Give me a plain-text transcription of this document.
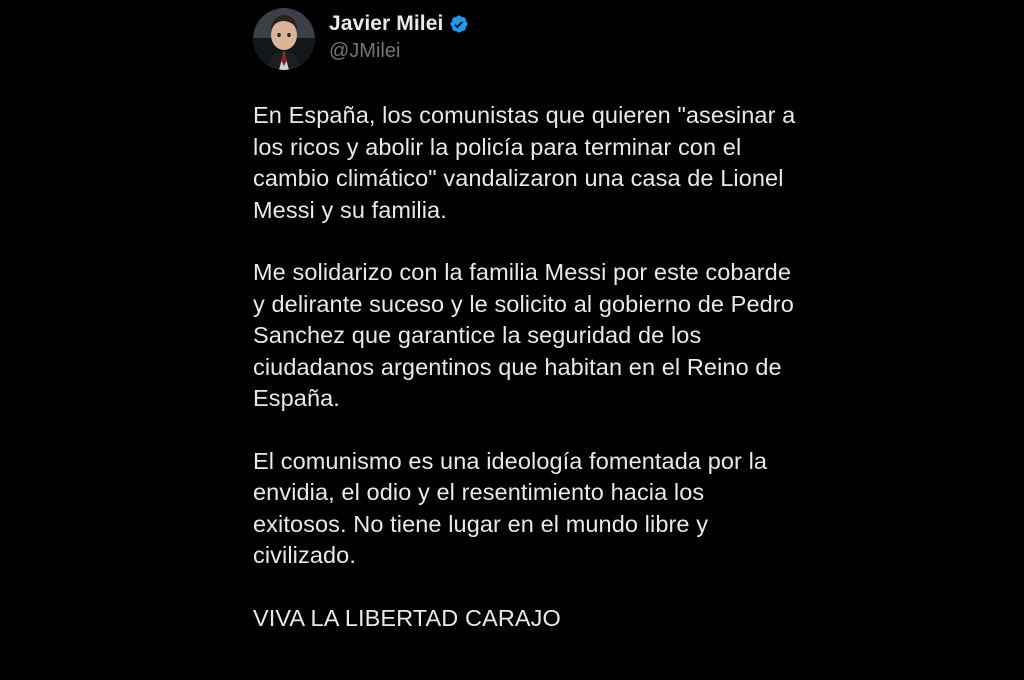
Javier Milei
@JMilei

En España, los comunistas que quieren "asesinar a los ricos y abolir la policía para terminar con el cambio climático" vandalizaron una casa de Lionel Messi y su familia.

Me solidarizo con la familia Messi por este cobarde y delirante suceso y le solicito al gobierno de Pedro Sanchez que garantice la seguridad de los ciudadanos argentinos que habitan en el Reino de España.

El comunismo es una ideología fomentada por la envidia, el odio y el resentimiento hacia los exitosos. No tiene lugar en el mundo libre y civilizado.

VIVA LA LIBERTAD CARAJO
